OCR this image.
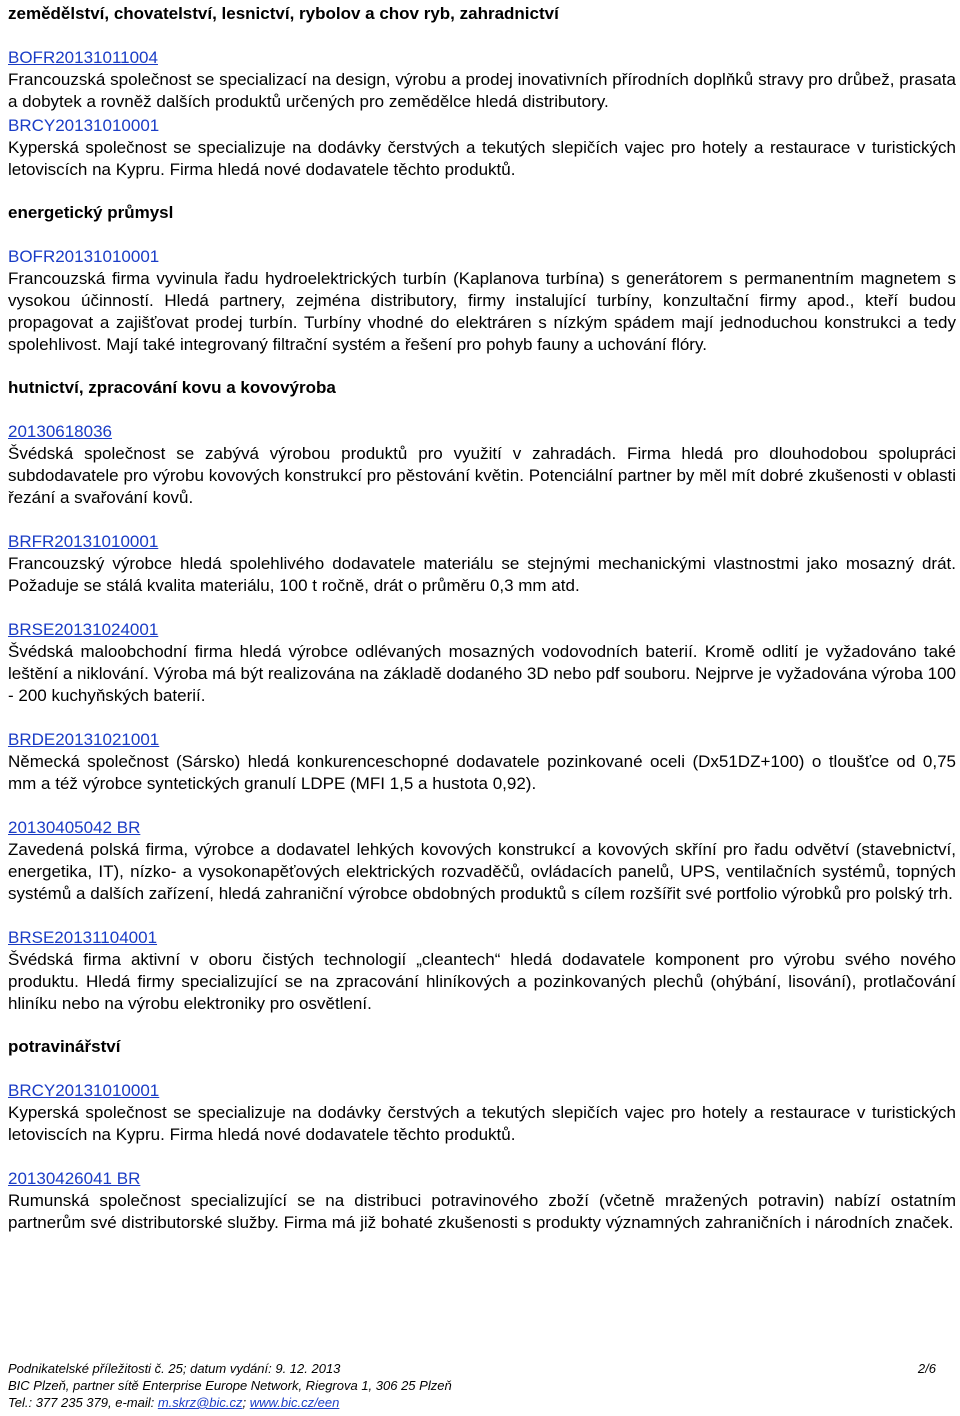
zemědělství, chovatelství, lesnictví, rybolov a chov ryb, zahradnictví
BOFR20131011004

Francouzská společnost se specializací na design, výrobu a prodej inovativních přírodních doplňků stravy pro drůbež, prasata a dobytek a rovněž dalších produktů určených pro zemědělce hledá distributory.

BRCY20131010001

Kyperská společnost se specializuje na dodávky čerstvých a tekutých slepičích vajec pro hotely a restaurace v turistických letoviscích na Kypru. Firma hledá nové dodavatele těchto produktů.

energetický průmysl
BOFR20131010001

Francouzská firma vyvinula řadu hydroelektrických turbín (Kaplanova turbína) s generátorem s permanentním magnetem s vysokou účinností. Hledá partnery, zejména distributory, firmy instalující turbíny, konzultační firmy apod., kteří budou propagovat a zajišťovat prodej turbín. Turbíny vhodné do elektráren s nízkým spádem mají jednoduchou konstrukci a tedy spolehlivost. Mají také integrovaný filtrační systém a řešení pro pohyb fauny a uchování flóry.

hutnictví, zpracování kovu a kovovýroba
20130618036

Švédská společnost se zabývá výrobou produktů pro využití v zahradách. Firma hledá pro dlouhodobou spolupráci subdodavatele pro výrobu kovových konstrukcí pro pěstování květin. Potenciální partner by měl mít dobré zkušenosti v oblasti řezání a svařování kovů.

BRFR20131010001

Francouzský výrobce hledá spolehlivého dodavatele materiálu se stejnými mechanickými vlastnostmi jako mosazný drát. Požaduje se stálá kvalita materiálu, 100 t ročně, drát o průměru 0,3 mm atd.

BRSE20131024001

Švédská maloobchodní firma hledá výrobce odlévaných mosazných vodovodních baterií. Kromě odlití je vyžadováno také leštění a niklování. Výroba má být realizována na základě dodaného 3D nebo pdf souboru. Nejprve je vyžadována výroba 100 - 200 kuchyňských baterií.

BRDE20131021001

Německá společnost (Sársko) hledá konkurenceschopné dodavatele pozinkované oceli (Dx51DZ+100) o tloušťce od 0,75 mm a též výrobce syntetických granulí LDPE (MFI 1,5 a hustota 0,92).

20130405042 BR

Zavedená polská firma, výrobce a dodavatel lehkých kovových konstrukcí a kovových skříní pro řadu odvětví (stavebnictví, energetika, IT), nízko- a vysokonapěťových elektrických rozvaděčů, ovládacích panelů, UPS, ventilačních systémů, topných systémů a dalších zařízení, hledá zahraniční výrobce obdobných produktů s cílem rozšířit své portfolio výrobků pro polský trh.

BRSE20131104001

Švédská firma aktivní v oboru čistých technologií „cleantech“ hledá dodavatele komponent pro výrobu svého nového produktu. Hledá firmy specializující se na zpracování hliníkových a pozinkovaných plechů (ohýbání, lisování), protlačování hliníku nebo na výrobu elektroniky pro osvětlení.

potravinářství
BRCY20131010001

Kyperská společnost se specializuje na dodávky čerstvých a tekutých slepičích vajec pro hotely a restaurace v turistických letoviscích na Kypru. Firma hledá nové dodavatele těchto produktů.

20130426041 BR

Rumunská společnost specializující se na distribuci potravinového zboží (včetně mražených potravin) nabízí ostatním partnerům své distributorské služby. Firma má již bohaté zkušenosti s produkty významných zahraničních i národních značek.

Podnikatelské příležitosti č. 25; datum vydání: 9. 12. 2013	2/6
BIC Plzeň, partner sítě Enterprise Europe Network, Riegrova 1, 306 25 Plzeň
Tel.: 377 235 379, e-mail: m.skrz@bic.cz; www.bic.cz/een
